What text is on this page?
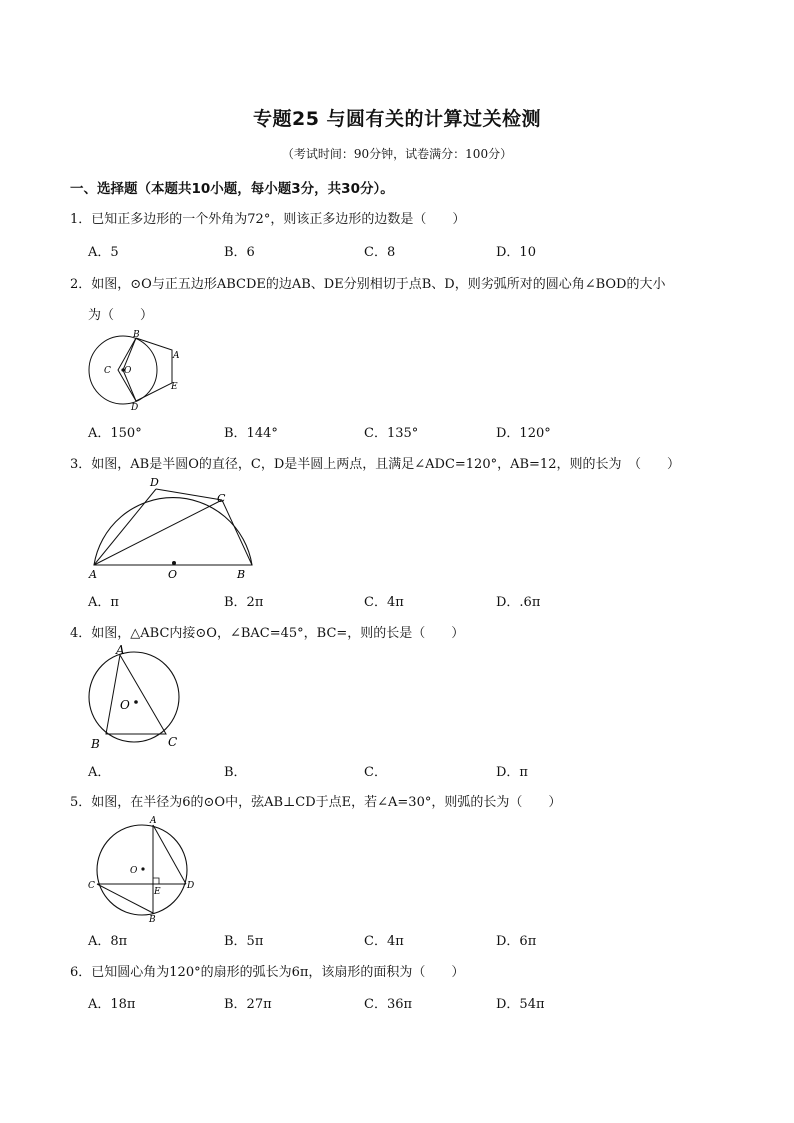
专题25 与圆有关的计算过关检测
（考试时间：90分钟，试卷满分：100分）
一、选择题（本题共10小题，每小题3分，共30分）。
1．已知正多边形的一个外角为72°，则该正多边形的边数是（　　）
A．5	B．6	C．8	D．10
2．如图，⊙O与正五边形ABCDE的边AB、DE分别相切于点B、D，则劣弧所对的圆心角∠BOD的大小
为（　　）
B
A
C O
E
D
A．150°	B．144°	C．135°	D．120°
3．如图，AB是半圆O的直径，C，D是半圆上两点，且满足∠ADC=120°，AB=12，则的长为　（　　）
D
C
A	O	B
A．π	B．2π	C．4π	D．.6π
4．如图，△ABC内接⊙O，∠BAC=45°，BC=，则的长是（　　）
A
O
B	C
A．	B．	C．	D．π
5．如图，在半径为6的⊙O中，弦AB⊥CD于点E，若∠A=30°，则弧的长为（　　）
A
O
C
E
D
B
A．8π	B．5π	C．4π	D．6π
6．已知圆心角为120°的扇形的弧长为6π，该扇形的面积为（　　）
A．18π	B．27π	C．36π	D．54π
